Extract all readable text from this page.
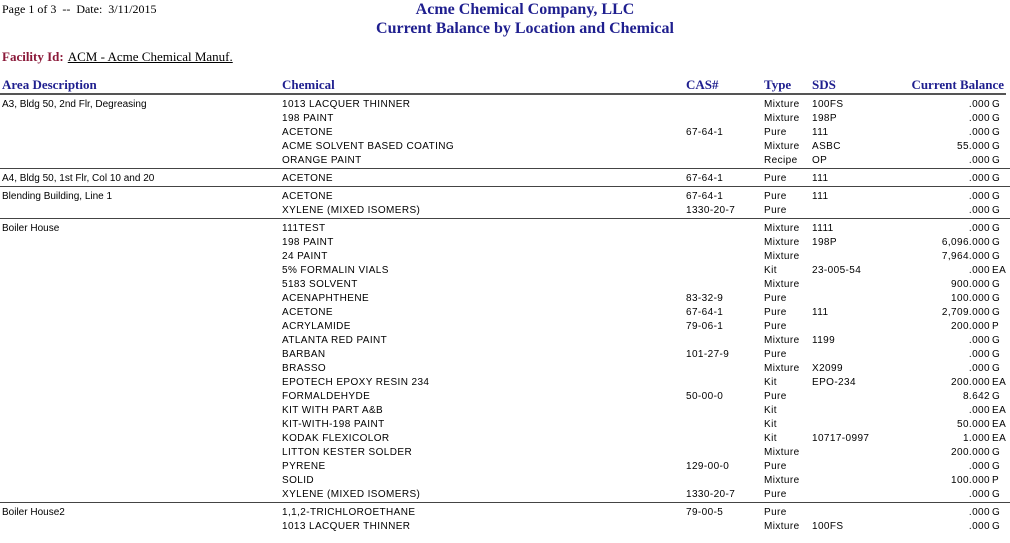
Page 1 of 3  --  Date:  3/11/2015	Acme Chemical Company, LLC
Current Balance by Location and Chemical
Facility Id: ACM - Acme Chemical Manuf.
Area Description	Chemical	CAS#	Type SDS	Current Balance
A3, Bldg 50, 2nd Flr, Degreasing	1013 LACQUER THINNER	Mixture 100FS	.000 G
198 PAINT	Mixture 198P	.000 G
ACETONE	67-64-1	Pure	111	.000 G
ACME SOLVENT BASED COATING	Mixture ASBC	55.000 G
ORANGE PAINT	Recipe OP	.000 G
A4, Bldg 50, 1st Flr, Col 10 and 20	ACETONE	67-64-1	Pure	111	.000 G
Blending Building, Line 1	ACETONE	67-64-1	Pure	111	.000 G
XYLENE (MIXED ISOMERS)	1330-20-7	Pure	.000 G
Boiler House	111TEST	Mixture 1111	.000 G
198 PAINT	Mixture 198P	6,096.000 G
24 PAINT	Mixture	7,964.000 G
5% FORMALIN VIALS	Kit	23-005-54	.000 EA
5183 SOLVENT	Mixture	900.000 G
ACENAPHTHENE	83-32-9	Pure	100.000 G
ACETONE	67-64-1	Pure	111	2,709.000 G
ACRYLAMIDE	79-06-1	Pure	200.000 P
ATLANTA RED PAINT	Mixture 1199	.000 G
BARBAN	101-27-9	Pure	.000 G
BRASSO	Mixture X2099	.000 G
EPOTECH EPOXY RESIN 234	Kit	EPO-234	200.000 EA
FORMALDEHYDE	50-00-0	Pure	8.642 G
KIT WITH PART A&B	Kit	.000 EA
KIT-WITH-198 PAINT	Kit	50.000 EA
KODAK FLEXICOLOR	Kit	10717-0997	1.000 EA
LITTON KESTER SOLDER	Mixture	200.000 G
PYRENE	129-00-0	Pure	.000 G
SOLID	Mixture	100.000 P
XYLENE (MIXED ISOMERS)	1330-20-7	Pure	.000 G
Boiler House2	1,1,2-TRICHLOROETHANE	79-00-5	Pure	.000 G
1013 LACQUER THINNER	Mixture 100FS	.000 G
